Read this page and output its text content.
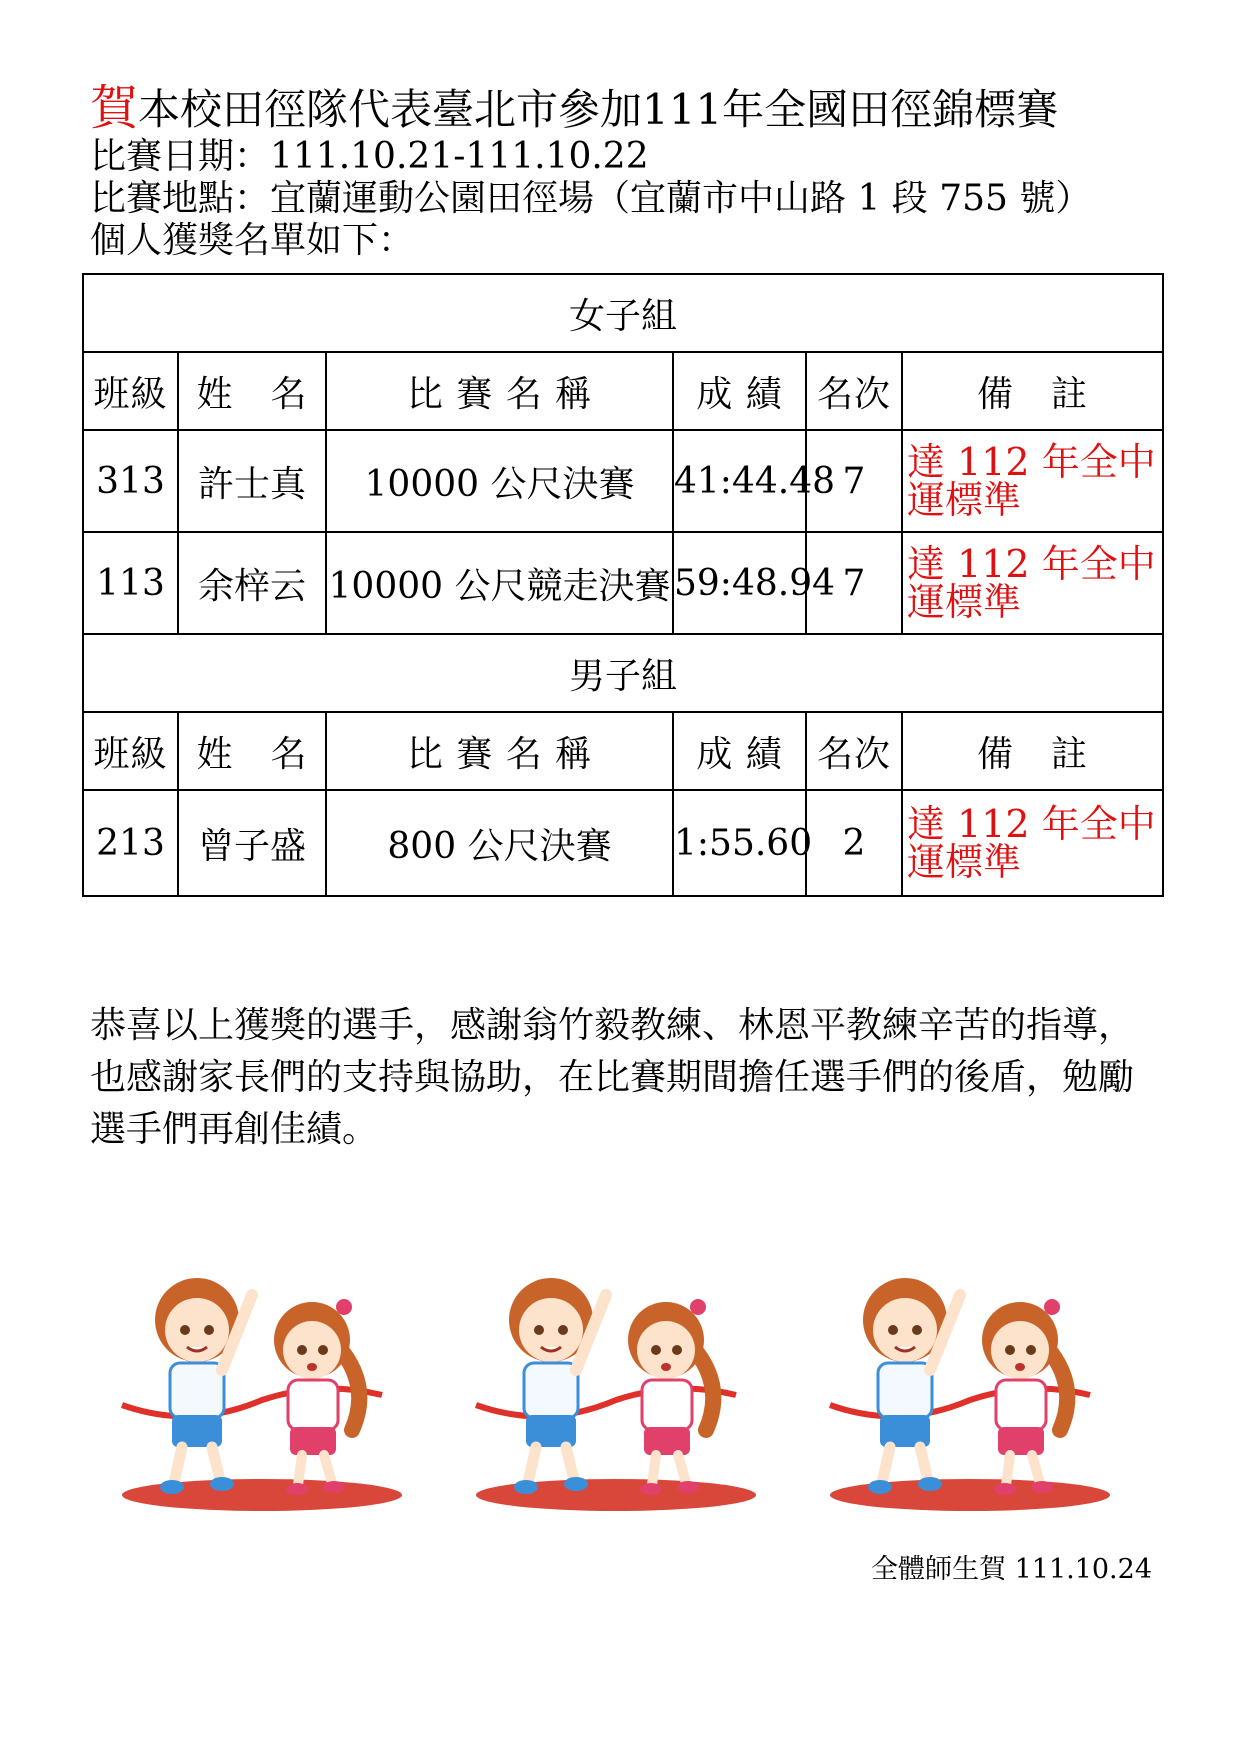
賀本校田徑隊代表臺北市參加111年全國田徑錦標賽

比賽日期：111.10.21-111.10.22

比賽地點：宜蘭運動公園田徑場（宜蘭市中山路 1 段 755 號）

個人獲獎名單如下：

女子組					
班級	姓　名	比 賽 名 稱	成 績	名次	備　註
313	許士真	10000 公尺決賽	41:44.48	7	達 112 年全中運標準
113	余梓云	10000 公尺競走決賽	59:48.94	7	達 112 年全中運標準
男子組					
班級	姓　名	比 賽 名 稱	成 績	名次	備　註
213	曾子盛	800 公尺決賽	1:55.60	2	達 112 年全中運標準

恭喜以上獲獎的選手，感謝翁竹毅教練、林恩平教練辛苦的指導，也感謝家長們的支持與協助，在比賽期間擔任選手們的後盾，勉勵選手們再創佳績。

全體師生賀 111.10.24
